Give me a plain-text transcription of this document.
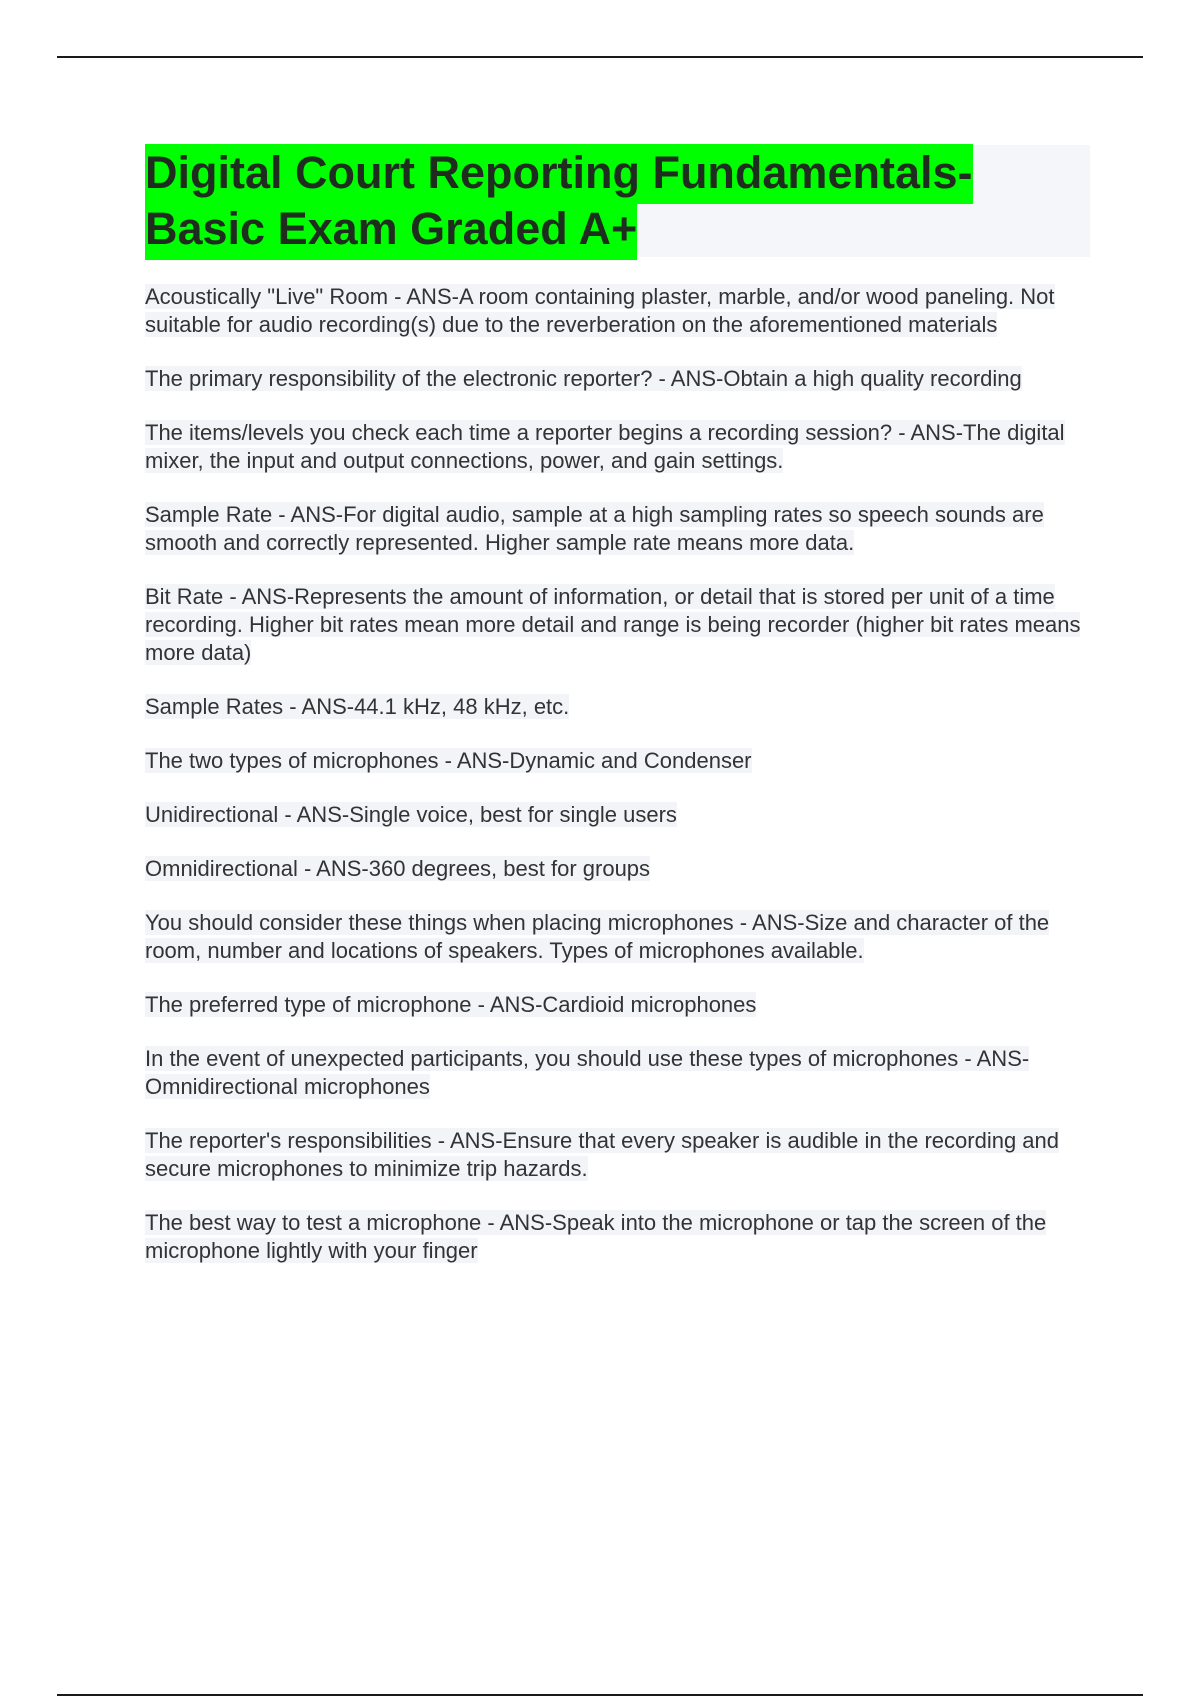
Digital Court Reporting Fundamentals- Basic Exam Graded A+

Acoustically "Live" Room - ANS-A room containing plaster, marble, and/or wood paneling. Not suitable for audio recording(s) due to the reverberation on the aforementioned materials

The primary responsibility of the electronic reporter? - ANS-Obtain a high quality recording

The items/levels you check each time a reporter begins a recording session? - ANS-The digital mixer, the input and output connections, power, and gain settings.

Sample Rate - ANS-For digital audio, sample at a high sampling rates so speech sounds are smooth and correctly represented. Higher sample rate means more data.

Bit Rate - ANS-Represents the amount of information, or detail that is stored per unit of a time recording. Higher bit rates mean more detail and range is being recorder (higher bit rates means more data)

Sample Rates - ANS-44.1 kHz, 48 kHz, etc.

The two types of microphones - ANS-Dynamic and Condenser

Unidirectional - ANS-Single voice, best for single users

Omnidirectional - ANS-360 degrees, best for groups

You should consider these things when placing microphones - ANS-Size and character of the room, number and locations of speakers. Types of microphones available.

The preferred type of microphone - ANS-Cardioid microphones

In the event of unexpected participants, you should use these types of microphones - ANS-Omnidirectional microphones

The reporter's responsibilities - ANS-Ensure that every speaker is audible in the recording and secure microphones to minimize trip hazards.

The best way to test a microphone - ANS-Speak into the microphone or tap the screen of the microphone lightly with your finger
